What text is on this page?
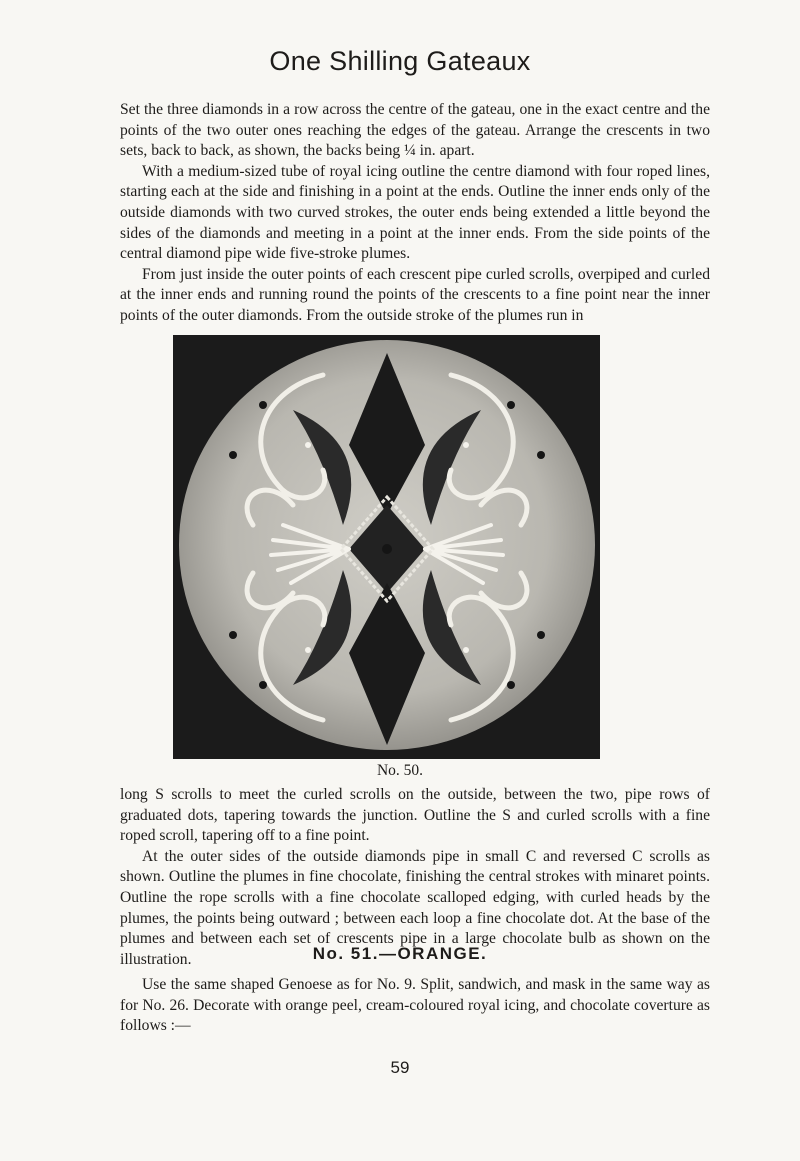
One Shilling Gateaux

Set the three diamonds in a row across the centre of the gateau, one in the exact centre and the points of the two outer ones reaching the edges of the gateau. Arrange the crescents in two sets, back to back, as shown, the backs being ¼ in. apart.

With a medium-sized tube of royal icing outline the centre diamond with four roped lines, starting each at the side and finishing in a point at the ends. Outline the inner ends only of the outside diamonds with two curved strokes, the outer ends being extended a little beyond the sides of the diamonds and meeting in a point at the inner ends. From the side points of the central diamond pipe wide five-stroke plumes.

From just inside the outer points of each crescent pipe curled scrolls, overpiped and curled at the inner ends and running round the points of the crescents to a fine point near the inner points of the outer diamonds. From the outside stroke of the plumes run in

No. 50.

long S scrolls to meet the curled scrolls on the outside, between the two, pipe rows of graduated dots, tapering towards the junction. Outline the S and curled scrolls with a fine roped scroll, tapering off to a fine point.

At the outer sides of the outside diamonds pipe in small C and reversed C scrolls as shown. Outline the plumes in fine chocolate, finishing the central strokes with minaret points. Outline the rope scrolls with a fine chocolate scalloped edging, with curled heads by the plumes, the points being outward ; between each loop a fine chocolate dot. At the base of the plumes and between each set of crescents pipe in a large chocolate bulb as shown on the illustration.	No. 51.—ORANGE.

Use the same shaped Genoese as for No. 9. Split, sandwich, and mask in the same way as for No. 26. Decorate with orange peel, cream-coloured royal icing, and chocolate coverture as follows :—

59
